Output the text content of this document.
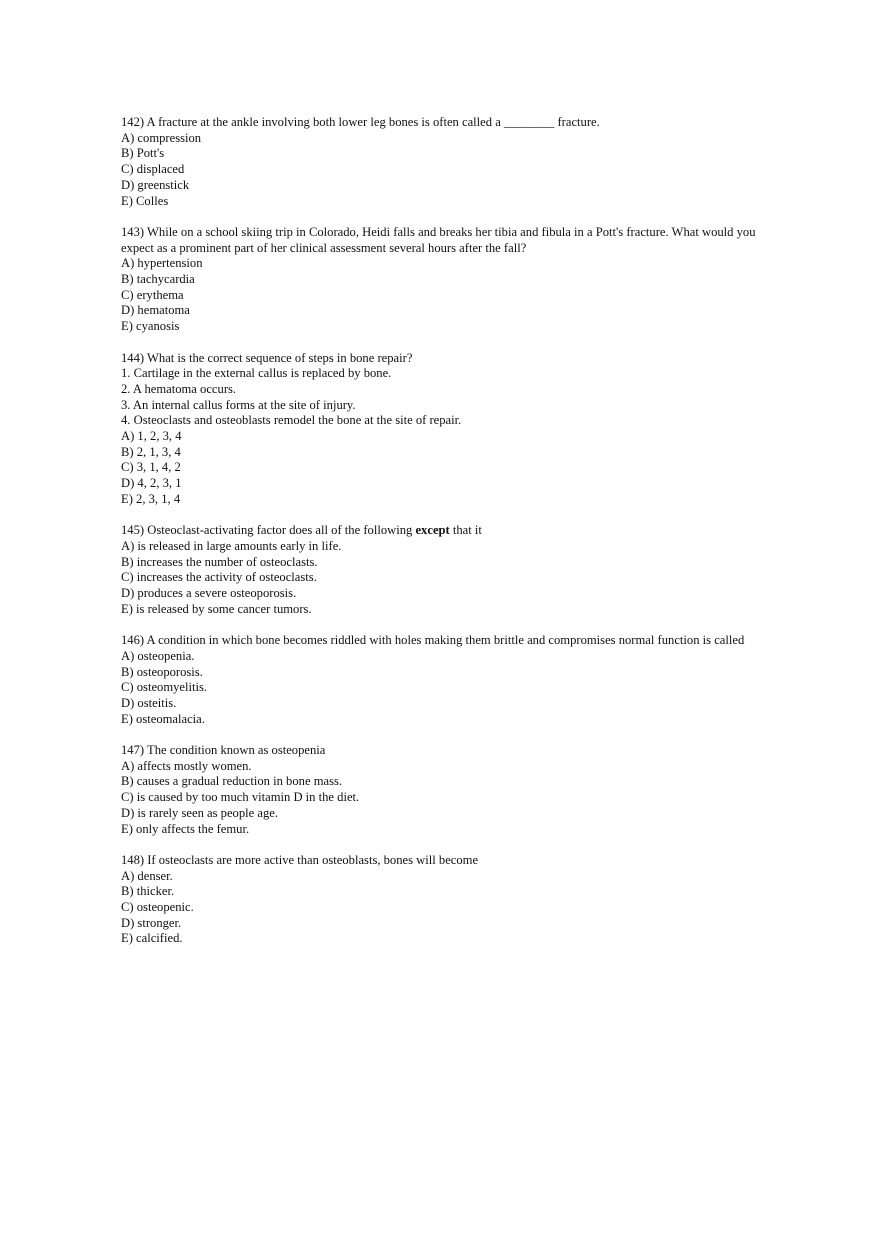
142) A fracture at the ankle involving both lower leg bones is often called a ________ fracture.
A) compression
B) Pott's
C) displaced
D) greenstick
E) Colles
143) While on a school skiing trip in Colorado, Heidi falls and breaks her tibia and fibula in a Pott's fracture. What would you expect as a prominent part of her clinical assessment several hours after the fall?
A) hypertension
B) tachycardia
C) erythema
D) hematoma
E) cyanosis
144) What is the correct sequence of steps in bone repair?
1. Cartilage in the external callus is replaced by bone.
2. A hematoma occurs.
3. An internal callus forms at the site of injury.
4. Osteoclasts and osteoblasts remodel the bone at the site of repair.
A) 1, 2, 3, 4
B) 2, 1, 3, 4
C) 3, 1, 4, 2
D) 4, 2, 3, 1
E) 2, 3, 1, 4
145) Osteoclast-activating factor does all of the following except that it
A) is released in large amounts early in life.
B) increases the number of osteoclasts.
C) increases the activity of osteoclasts.
D) produces a severe osteoporosis.
E) is released by some cancer tumors.
146) A condition in which bone becomes riddled with holes making them brittle and compromises normal function is called
A) osteopenia.
B) osteoporosis.
C) osteomyelitis.
D) osteitis.
E) osteomalacia.
147) The condition known as osteopenia
A) affects mostly women.
B) causes a gradual reduction in bone mass.
C) is caused by too much vitamin D in the diet.
D) is rarely seen as people age.
E) only affects the femur.
148) If osteoclasts are more active than osteoblasts, bones will become
A) denser.
B) thicker.
C) osteopenic.
D) stronger.
E) calcified.
